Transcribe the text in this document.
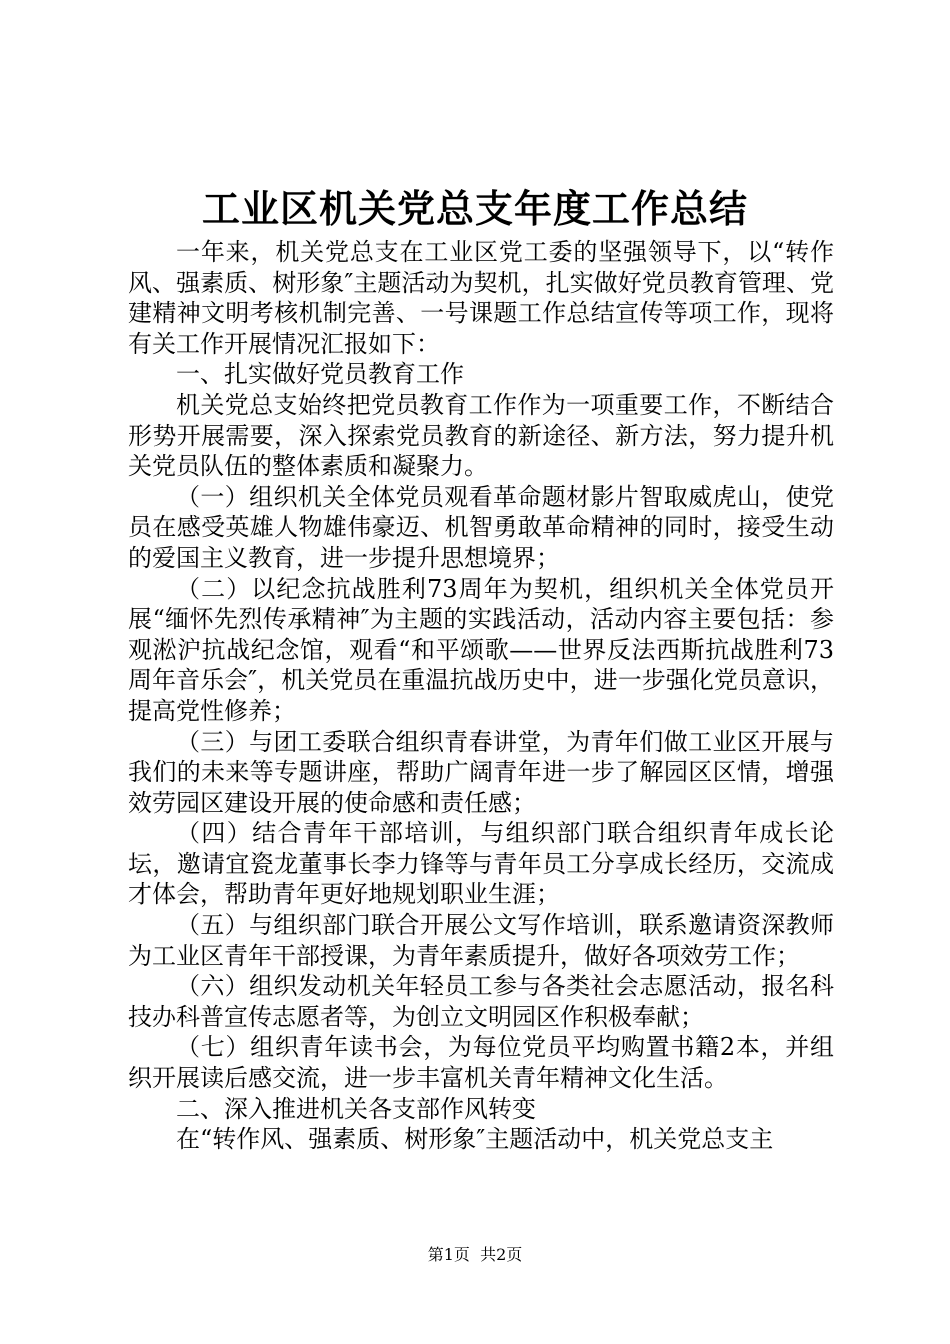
工业区机关党总支年度工作总结

一年来，机关党总支在工业区党工委的坚强领导下，以“转作风、强素质、树形象″主题活动为契机，扎实做好党员教育管理、党建精神文明考核机制完善、一号课题工作总结宣传等项工作，现将有关工作开展情况汇报如下：

一、扎实做好党员教育工作

机关党总支始终把党员教育工作作为一项重要工作，不断结合形势开展需要，深入探索党员教育的新途径、新方法，努力提升机关党员队伍的整体素质和凝聚力。

（一）组织机关全体党员观看革命题材影片智取威虎山，使党员在感受英雄人物雄伟豪迈、机智勇敢革命精神的同时，接受生动的爱国主义教育，进一步提升思想境界；

（二）以纪念抗战胜利73周年为契机，组织机关全体党员开展“缅怀先烈传承精神″为主题的实践活动，活动内容主要包括：参观淞沪抗战纪念馆，观看“和平颂歌——世界反法西斯抗战胜利73周年音乐会″，机关党员在重温抗战历史中，进一步强化党员意识，提高党性修养；

（三）与团工委联合组织青春讲堂，为青年们做工业区开展与我们的未来等专题讲座，帮助广阔青年进一步了解园区区情，增强效劳园区建设开展的使命感和责任感；

（四）结合青年干部培训，与组织部门联合组织青年成长论坛，邀请宜瓷龙董事长李力锋等与青年员工分享成长经历，交流成才体会，帮助青年更好地规划职业生涯；

（五）与组织部门联合开展公文写作培训，联系邀请资深教师为工业区青年干部授课，为青年素质提升，做好各项效劳工作；

（六）组织发动机关年轻员工参与各类社会志愿活动，报名科技办科普宣传志愿者等，为创立文明园区作积极奉献；

（七）组织青年读书会，为每位党员平均购置书籍2本，并组织开展读后感交流，进一步丰富机关青年精神文化生活。

二、深入推进机关各支部作风转变

在“转作风、强素质、树形象″主题活动中，机关党总支主

第1页  共2页
